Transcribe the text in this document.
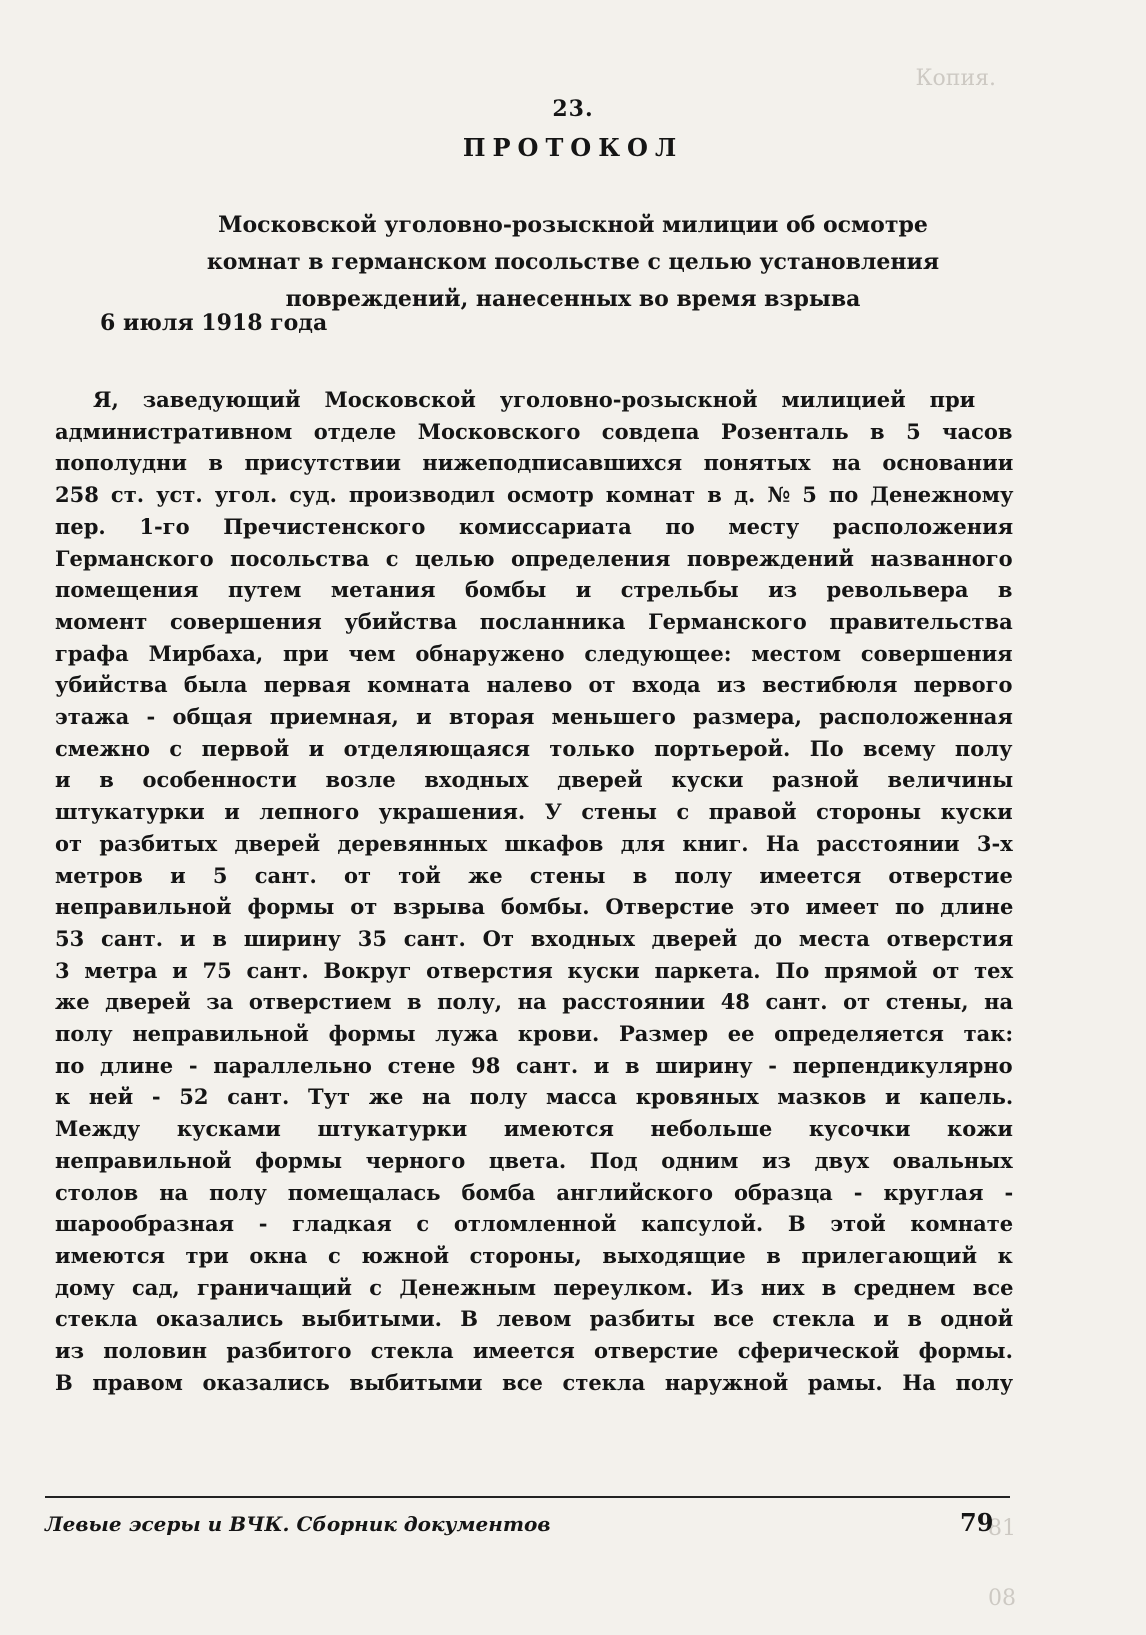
Копия.
81
08
23.
ПРОТОКОЛ
Московской уголовно-розыскной милиции об осмотре
комнат в германском посольстве с целью установления
повреждений, нанесенных во время взрыва
6 июля 1918 года
Я, заведующий Московской уголовно-розыскной милицией при
административном отделе Московского совдепа Розенталь в 5 часов
пополудни в присутствии нижеподписавшихся понятых на основании
258 ст. уст. угол. суд. производил осмотр комнат в д. № 5 по Денежному
пер. 1-го Пречистенского комиссариата по месту расположения
Германского посольства с целью определения повреждений названного
помещения путем метания бомбы и стрельбы из револьвера в
момент совершения убийства посланника Германского правительства
графа Мирбаха, при чем обнаружено следующее: местом совершения
убийства была первая комната налево от входа из вестибюля первого
этажа - общая приемная, и вторая меньшего размера, расположенная
смежно с первой и отделяющаяся только портьерой. По всему полу
и в особенности возле входных дверей куски разной величины
штукатурки и лепного украшения. У стены с правой стороны куски
от разбитых дверей деревянных шкафов для книг. На расстоянии 3-х
метров и 5 сант. от той же стены в полу имеется отверстие
неправильной формы от взрыва бомбы. Отверстие это имеет по длине
53 сант. и в ширину 35 сант. От входных дверей до места отверстия
3 метра и 75 сант. Вокруг отверстия куски паркета. По прямой от тех
же дверей за отверстием в полу, на расстоянии 48 сант. от стены, на
полу неправильной формы лужа крови. Размер ее определяется так:
по длине - параллельно стене 98 сант. и в ширину - перпендикулярно
к ней - 52 сант. Тут же на полу масса кровяных мазков и капель.
Между кусками штукатурки имеются небольше кусочки кожи
неправильной формы черного цвета. Под одним из двух овальных
столов на полу помещалась бомба английского образца - круглая -
шарообразная - гладкая с отломленной капсулой. В этой комнате
имеются три окна с южной стороны, выходящие в прилегающий к
дому сад, граничащий с Денежным переулком. Из них в среднем все
стекла оказались выбитыми. В левом разбиты все стекла и в одной
из половин разбитого стекла имеется отверстие сферической формы.
В правом оказались выбитыми все стекла наружной рамы. На полу
Левые эсеры и ВЧК. Сборник документов	79
